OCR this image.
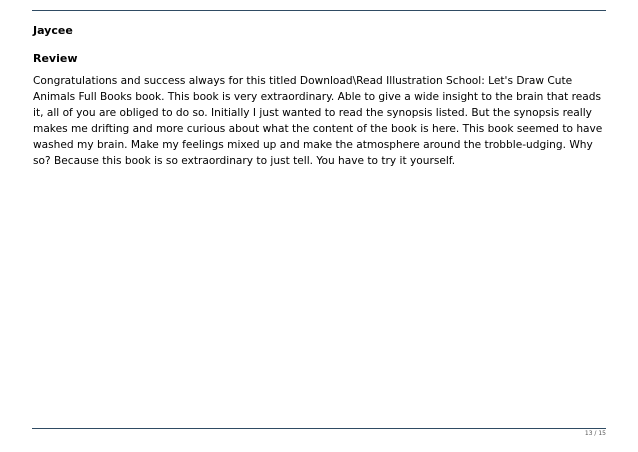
Jaycee
Review

Congratulations and success always for this titled Download\Read Illustration School: Let's Draw Cute Animals Full Books book. This book is very extraordinary. Able to give a wide insight to the brain that reads it, all of you are obliged to do so. Initially I just wanted to read the synopsis listed. But the synopsis really makes me drifting and more curious about what the content of the book is here. This book seemed to have washed my brain. Make my feelings mixed up and make the atmosphere around the trobble-udging. Why so? Because this book is so extraordinary to just tell. You have to try it yourself.

13 / 15
